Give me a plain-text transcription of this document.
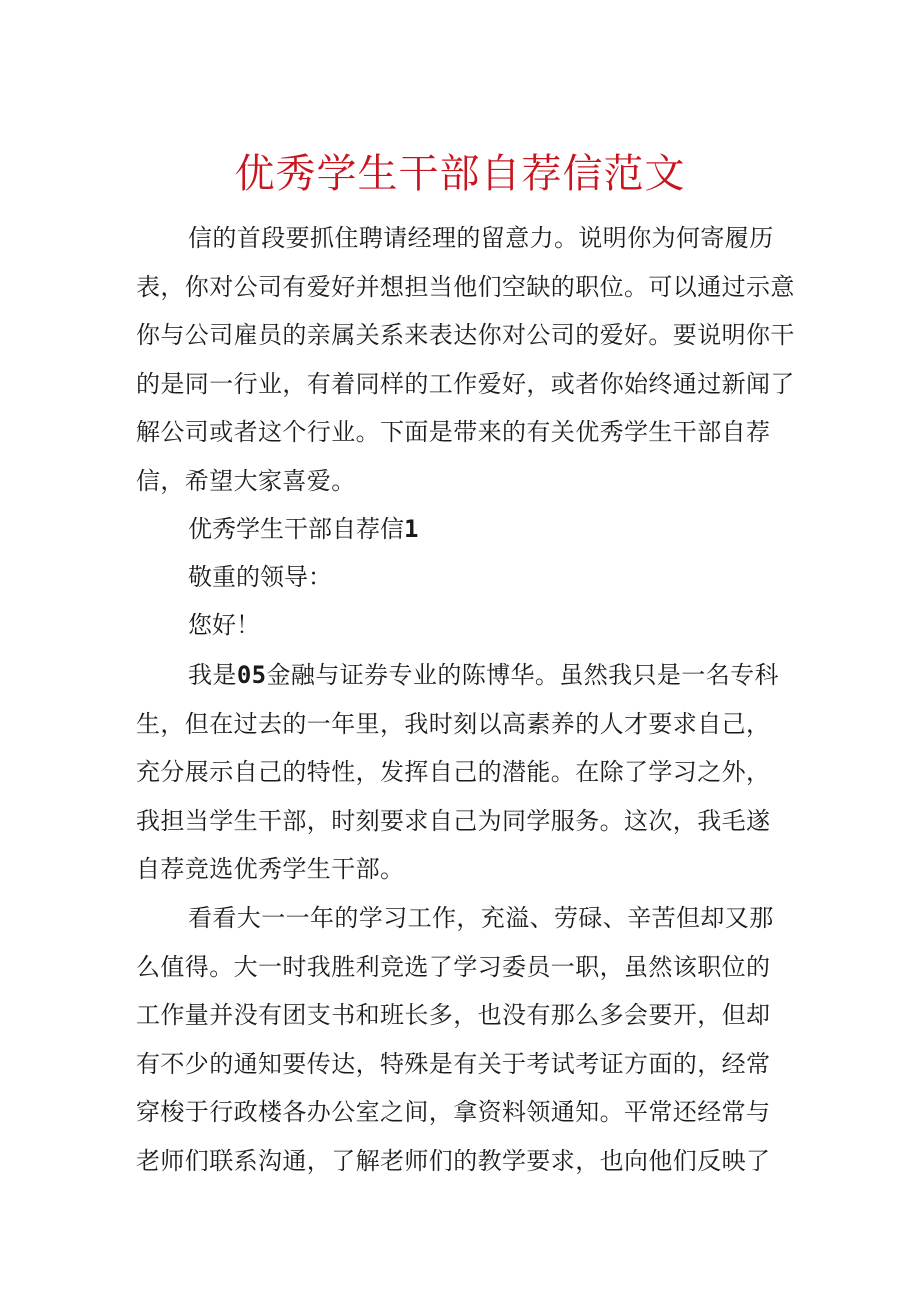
优秀学生干部自荐信范文

信的首段要抓住聘请经理的留意力。说明你为何寄履历表，你对公司有爱好并想担当他们空缺的职位。可以通过示意你与公司雇员的亲属关系来表达你对公司的爱好。要说明你干的是同一行业，有着同样的工作爱好，或者你始终通过新闻了解公司或者这个行业。下面是带来的有关优秀学生干部自荐信，希望大家喜爱。

优秀学生干部自荐信1

敬重的领导：

您好！

我是05金融与证券专业的陈博华。虽然我只是一名专科生，但在过去的一年里，我时刻以高素养的人才要求自己，充分展示自己的特性，发挥自己的潜能。在除了学习之外，我担当学生干部，时刻要求自己为同学服务。这次，我毛遂自荐竞选优秀学生干部。

看看大一一年的学习工作，充溢、劳碌、辛苦但却又那么值得。大一时我胜利竞选了学习委员一职，虽然该职位的工作量并没有团支书和班长多，也没有那么多会要开，但却有不少的通知要传达，特殊是有关于考试考证方面的，经常穿梭于行政楼各办公室之间，拿资料领通知。平常还经常与老师们联系沟通，了解老师们的教学要求，也向他们反映了
